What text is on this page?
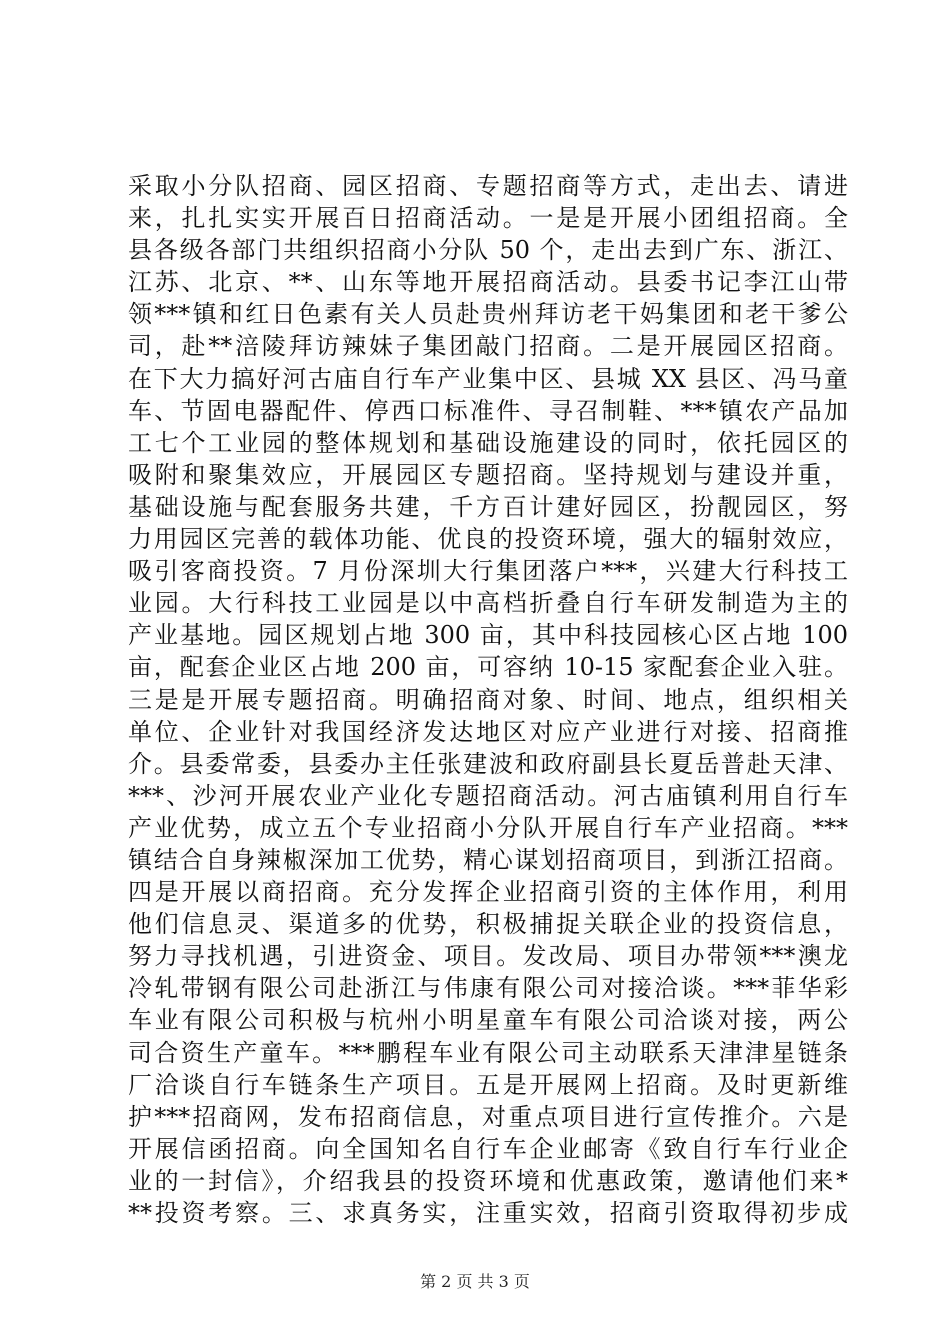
采取小分队招商、园区招商、专题招商等方式，走出去、请进
来，扎扎实实开展百日招商活动。一是是开展小团组招商。全
县各级各部门共组织招商小分队 50 个，走出去到广东、浙江、
江苏、北京、**、山东等地开展招商活动。县委书记李江山带
领***镇和红日色素有关人员赴贵州拜访老干妈集团和老干爹公
司，赴**涪陵拜访辣妹子集团敲门招商。二是开展园区招商。
在下大力搞好河古庙自行车产业集中区、县城 XX 县区、冯马童
车、节固电器配件、停西口标准件、寻召制鞋、***镇农产品加
工七个工业园的整体规划和基础设施建设的同时，依托园区的
吸附和聚集效应，开展园区专题招商。坚持规划与建设并重，
基础设施与配套服务共建，千方百计建好园区，扮靓园区，努
力用园区完善的载体功能、优良的投资环境，强大的辐射效应，
吸引客商投资。7 月份深圳大行集团落户***，兴建大行科技工
业园。大行科技工业园是以中高档折叠自行车研发制造为主的
产业基地。园区规划占地 300 亩，其中科技园核心区占地 100
亩，配套企业区占地 200 亩，可容纳 10-15 家配套企业入驻。
三是是开展专题招商。明确招商对象、时间、地点，组织相关
单位、企业针对我国经济发达地区对应产业进行对接、招商推
介。县委常委，县委办主任张建波和政府副县长夏岳普赴天津、
***、沙河开展农业产业化专题招商活动。河古庙镇利用自行车
产业优势，成立五个专业招商小分队开展自行车产业招商。***
镇结合自身辣椒深加工优势，精心谋划招商项目，到浙江招商。
四是开展以商招商。充分发挥企业招商引资的主体作用，利用
他们信息灵、渠道多的优势，积极捕捉关联企业的投资信息，
努力寻找机遇，引进资金、项目。发改局、项目办带领***澳龙
冷轧带钢有限公司赴浙江与伟康有限公司对接洽谈。***菲华彩
车业有限公司积极与杭州小明星童车有限公司洽谈对接，两公
司合资生产童车。***鹏程车业有限公司主动联系天津津星链条
厂洽谈自行车链条生产项目。五是开展网上招商。及时更新维
护***招商网，发布招商信息，对重点项目进行宣传推介。六是
开展信函招商。向全国知名自行车企业邮寄《致自行车行业企
业的一封信》，介绍我县的投资环境和优惠政策，邀请他们来*
**投资考察。三、求真务实，注重实效，招商引资取得初步成
第 2 页 共 3 页
